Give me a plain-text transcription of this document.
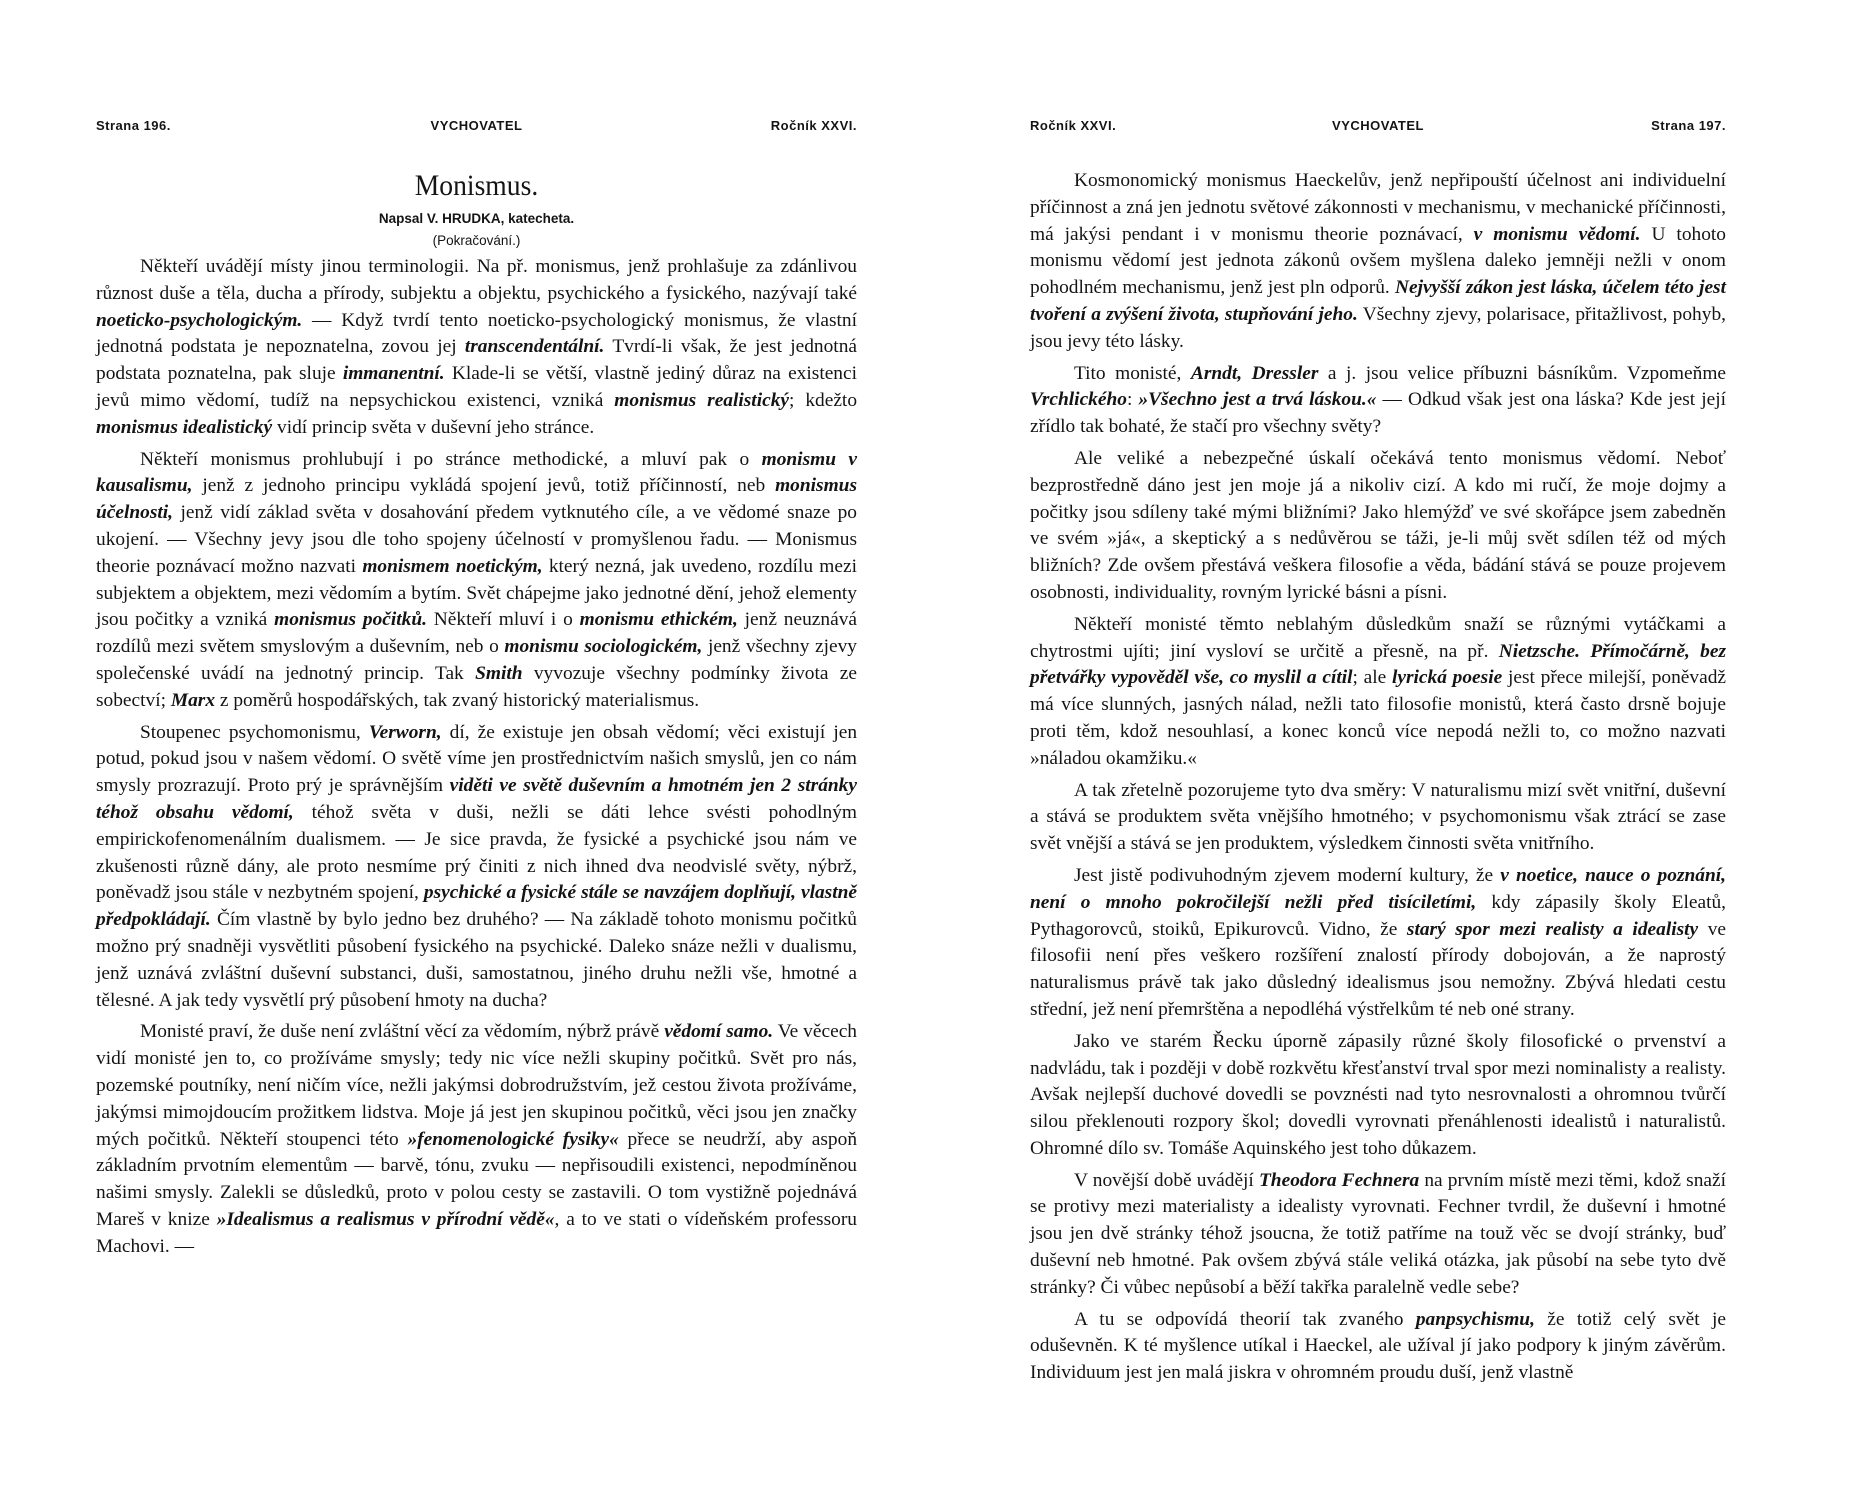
Strana 196.	VYCHOVATEL	Ročník XXVI.
Monismus.
Napsal V. HRUDKA, katecheta.
(Pokračování.)

Někteří uvádějí místy jinou terminologii. Na př. monismus, jenž prohlašuje za zdánlivou různost duše a těla, ducha a přírody, subjektu a objektu, psychického a fysického, nazývají také noeticko-psychologickým. — Když tvrdí tento noeticko-psychologický monismus, že vlastní jednotná podstata je nepoznatelna, zovou jej transcendentální. Tvrdí-li však, že jest jednotná podstata poznatelna, pak sluje immanentní. Klade-li se větší, vlastně jediný důraz na existenci jevů mimo vědomí, tudíž na nepsychickou existenci, vzniká monismus realistický; kdežto monismus idealistický vidí princip světa v duševní jeho stránce.

Někteří monismus prohlubují i po stránce methodické, a mluví pak o monismu v kausalismu, jenž z jednoho principu vykládá spojení jevů, totiž příčinností, neb monismus účelnosti, jenž vidí základ světa v dosahování předem vytknutého cíle, a ve vědomé snaze po ukojení. — Všechny jevy jsou dle toho spojeny účelností v promyšlenou řadu. — Monismus theorie poznávací možno nazvati monismem noetickým, který nezná, jak uvedeno, rozdílu mezi subjektem a objektem, mezi vědomím a bytím. Svět chápejme jako jednotné dění, jehož elementy jsou počitky a vzniká monismus počitků. Někteří mluví i o monismu ethickém, jenž neuznává rozdílů mezi světem smyslovým a duševním, neb o monismu sociologickém, jenž všechny zjevy společenské uvádí na jednotný princip. Tak Smith vyvozuje všechny podmínky života ze sobectví; Marx z poměrů hospodářských, tak zvaný historický materialismus.

Stoupenec psychomonismu, Verworn, dí, že existuje jen obsah vědomí; věci existují jen potud, pokud jsou v našem vědomí. O světě víme jen prostřednictvím našich smyslů, jen co nám smysly prozrazují. Proto prý je správnějším viděti ve světě duševním a hmotném jen 2 stránky téhož obsahu vědomí, téhož světa v duši, nežli se dáti lehce svésti pohodlným empirickofenomenálním dualismem. — Je sice pravda, že fysické a psychické jsou nám ve zkušenosti různě dány, ale proto nesmíme prý činiti z nich ihned dva neodvislé světy, nýbrž, poněvadž jsou stále v nezbytném spojení, psychické a fysické stále se navzájem doplňují, vlastně předpokládají. Čím vlastně by bylo jedno bez druhého? — Na základě tohoto monismu počitků možno prý snadněji vysvětliti působení fysického na psychické. Daleko snáze nežli v dualismu, jenž uznává zvláštní duševní substanci, duši, samostatnou, jiného druhu nežli vše, hmotné a tělesné. A jak tedy vysvětlí prý působení hmoty na ducha?

Monisté praví, že duše není zvláštní věcí za vědomím, nýbrž právě vědomí samo. Ve věcech vidí monisté jen to, co prožíváme smysly; tedy nic více nežli skupiny počitků. Svět pro nás, pozemské poutníky, není ničím více, nežli jakýmsi dobrodružstvím, jež cestou života prožíváme, jakýmsi mimojdoucím prožitkem lidstva. Moje já jest jen skupinou počitků, věci jsou jen značky mých počitků. Někteří stoupenci této »fenomenologické fysiky« přece se neudrží, aby aspoň základním prvotním elementům — barvě, tónu, zvuku — nepřisoudili existenci, nepodmíněnou našimi smysly. Zalekli se důsledků, proto v polou cesty se zastavili. O tom vystižně pojednává Mareš v knize »Idealismus a realismus v přírodní vědě«, a to ve stati o vídeňském professoru Machovi. —

Ročník XXVI.	VYCHOVATEL	Strana 197.

Kosmonomický monismus Haeckelův, jenž nepřipouští účelnost ani individuelní příčinnost a zná jen jednotu světové zákonnosti v mechanismu, v mechanické příčinnosti, má jakýsi pendant i v monismu theorie poznávací, v monismu vědomí. U tohoto monismu vědomí jest jednota zákonů ovšem myšlena daleko jemněji nežli v onom pohodlném mechanismu, jenž jest pln odporů. Nejvyšší zákon jest láska, účelem této jest tvoření a zvýšení života, stupňování jeho. Všechny zjevy, polarisace, přitažlivost, pohyb, jsou jevy této lásky.

Tito monisté, Arndt, Dressler a j. jsou velice příbuzni básníkům. Vzpomeňme Vrchlického: »Všechno jest a trvá láskou.« — Odkud však jest ona láska? Kde jest její zřídlo tak bohaté, že stačí pro všechny světy?

Ale veliké a nebezpečné úskalí očekává tento monismus vědomí. Neboť bezprostředně dáno jest jen moje já a nikoliv cizí. A kdo mi ručí, že moje dojmy a počitky jsou sdíleny také mými bližními? Jako hlemýžď ve své skořápce jsem zabedněn ve svém »já«, a skeptický a s nedůvěrou se táži, je-li můj svět sdílen též od mých bližních? Zde ovšem přestává veškera filosofie a věda, bádání stává se pouze projevem osobnosti, individuality, rovným lyrické básni a písni.

Někteří monisté těmto neblahým důsledkům snaží se různými vytáčkami a chytrostmi ujíti; jiní vysloví se určitě a přesně, na př. Nietzsche. Přímočárně, bez přetvářky vypověděl vše, co myslil a cítil; ale lyrická poesie jest přece milejší, poněvadž má více slunných, jasných nálad, nežli tato filosofie monistů, která často drsně bojuje proti těm, kdož nesouhlasí, a konec konců více nepodá nežli to, co možno nazvati »náladou okamžiku.«

A tak zřetelně pozorujeme tyto dva směry: V naturalismu mizí svět vnitřní, duševní a stává se produktem světa vnějšího hmotného; v psychomonismu však ztrácí se zase svět vnější a stává se jen produktem, výsledkem činnosti světa vnitřního.

Jest jistě podivuhodným zjevem moderní kultury, že v noetice, nauce o poznání, není o mnoho pokročilejší nežli před tisíciletími, kdy zápasily školy Eleatů, Pythagorovců, stoiků, Epikurovců. Vidno, že starý spor mezi realisty a idealisty ve filosofii není přes veškero rozšíření znalostí přírody dobojován, a že naprostý naturalismus právě tak jako důsledný idealismus jsou nemožny. Zbývá hledati cestu střední, jež není přemrštěna a nepodléhá výstřelkům té neb oné strany.

Jako ve starém Řecku úporně zápasily různé školy filosofické o prvenství a nadvládu, tak i později v době rozkvětu křesťanství trval spor mezi nominalisty a realisty. Avšak nejlepší duchové dovedli se povznésti nad tyto nesrovnalosti a ohromnou tvůrčí silou překlenouti rozpory škol; dovedli vyrovnati přenáhlenosti idealistů i naturalistů. Ohromné dílo sv. Tomáše Aquinského jest toho důkazem.

V novější době uvádějí Theodora Fechnera na prvním místě mezi těmi, kdož snaží se protivy mezi materialisty a idealisty vyrovnati. Fechner tvrdil, že duševní i hmotné jsou jen dvě stránky téhož jsoucna, že totiž patříme na touž věc se dvojí stránky, buď duševní neb hmotné. Pak ovšem zbývá stále veliká otázka, jak působí na sebe tyto dvě stránky? Či vůbec nepůsobí a běží takřka paralelně vedle sebe?

A tu se odpovídá theorií tak zvaného panpsychismu, že totiž celý svět je oduševněn. K té myšlence utíkal i Haeckel, ale užíval jí jako podpory k jiným závěrům. Individuum jest jen malá jiskra v ohromném proudu duší, jenž vlastně
